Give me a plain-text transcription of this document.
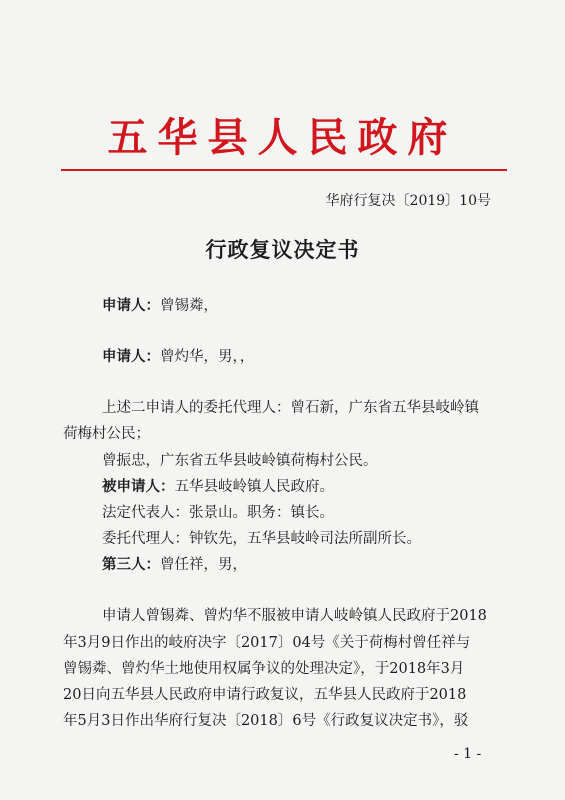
五华县人民政府
华府行复决〔2019〕10号
行政复议决定书
申请人：曾锡粦，
申请人：曾灼华，男，，
上述二申请人的委托代理人：曾石新，广东省五华县岐岭镇
荷梅村公民；
曾振忠，广东省五华县岐岭镇荷梅村公民。
被申请人：五华县岐岭镇人民政府。
法定代表人：张景山。职务：镇长。
委托代理人：钟钦先，五华县岐岭司法所副所长。
第三人：曾任祥，男，
申请人曾锡粦、曾灼华不服被申请人岐岭镇人民政府于2018
年3月9日作出的岐府决字〔2017〕04号《关于荷梅村曾任祥与
曾锡粦、曾灼华土地使用权属争议的处理决定》，于2018年3月
20日向五华县人民政府申请行政复议，五华县人民政府于2018
年5月3日作出华府行复决〔2018〕6号《行政复议决定书》，驳
- 1 -
